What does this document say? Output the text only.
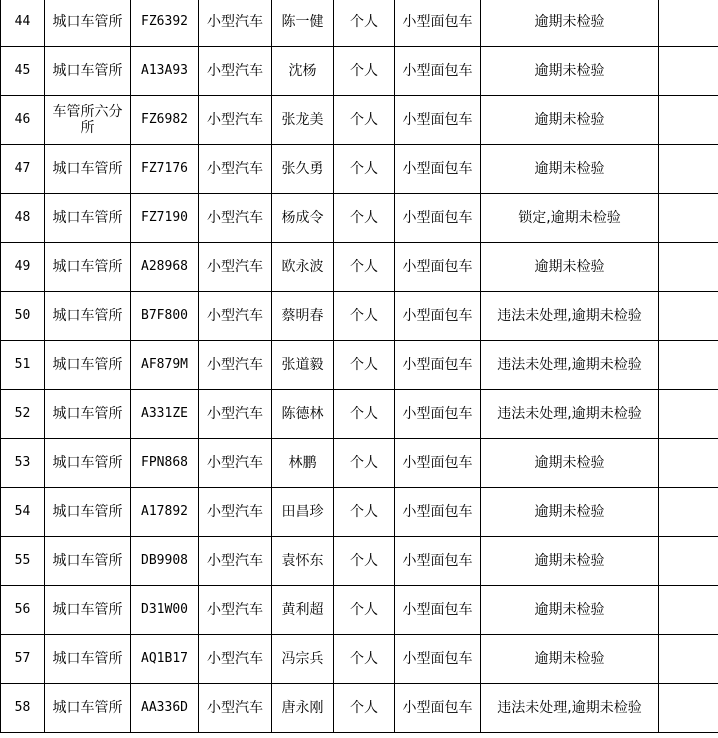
44	城口车管所	FZ6392	小型汽车	陈一健	个人	小型面包车	逾期未检验	
45	城口车管所	A13A93	小型汽车	沈杨	个人	小型面包车	逾期未检验	
46	车管所六分所	FZ6982	小型汽车	张龙美	个人	小型面包车	逾期未检验	
47	城口车管所	FZ7176	小型汽车	张久勇	个人	小型面包车	逾期未检验	
48	城口车管所	FZ7190	小型汽车	杨成令	个人	小型面包车	锁定,逾期未检验	
49	城口车管所	A28968	小型汽车	欧永波	个人	小型面包车	逾期未检验	
50	城口车管所	B7F800	小型汽车	蔡明春	个人	小型面包车	违法未处理,逾期未检验	
51	城口车管所	AF879M	小型汽车	张道毅	个人	小型面包车	违法未处理,逾期未检验	
52	城口车管所	A331ZE	小型汽车	陈德林	个人	小型面包车	违法未处理,逾期未检验	
53	城口车管所	FPN868	小型汽车	林鹏	个人	小型面包车	逾期未检验	
54	城口车管所	A17892	小型汽车	田昌珍	个人	小型面包车	逾期未检验	
55	城口车管所	DB9908	小型汽车	袁怀东	个人	小型面包车	逾期未检验	
56	城口车管所	D31W00	小型汽车	黄利超	个人	小型面包车	逾期未检验	
57	城口车管所	AQ1B17	小型汽车	冯宗兵	个人	小型面包车	逾期未检验	
58	城口车管所	AA336D	小型汽车	唐永刚	个人	小型面包车	违法未处理,逾期未检验	
